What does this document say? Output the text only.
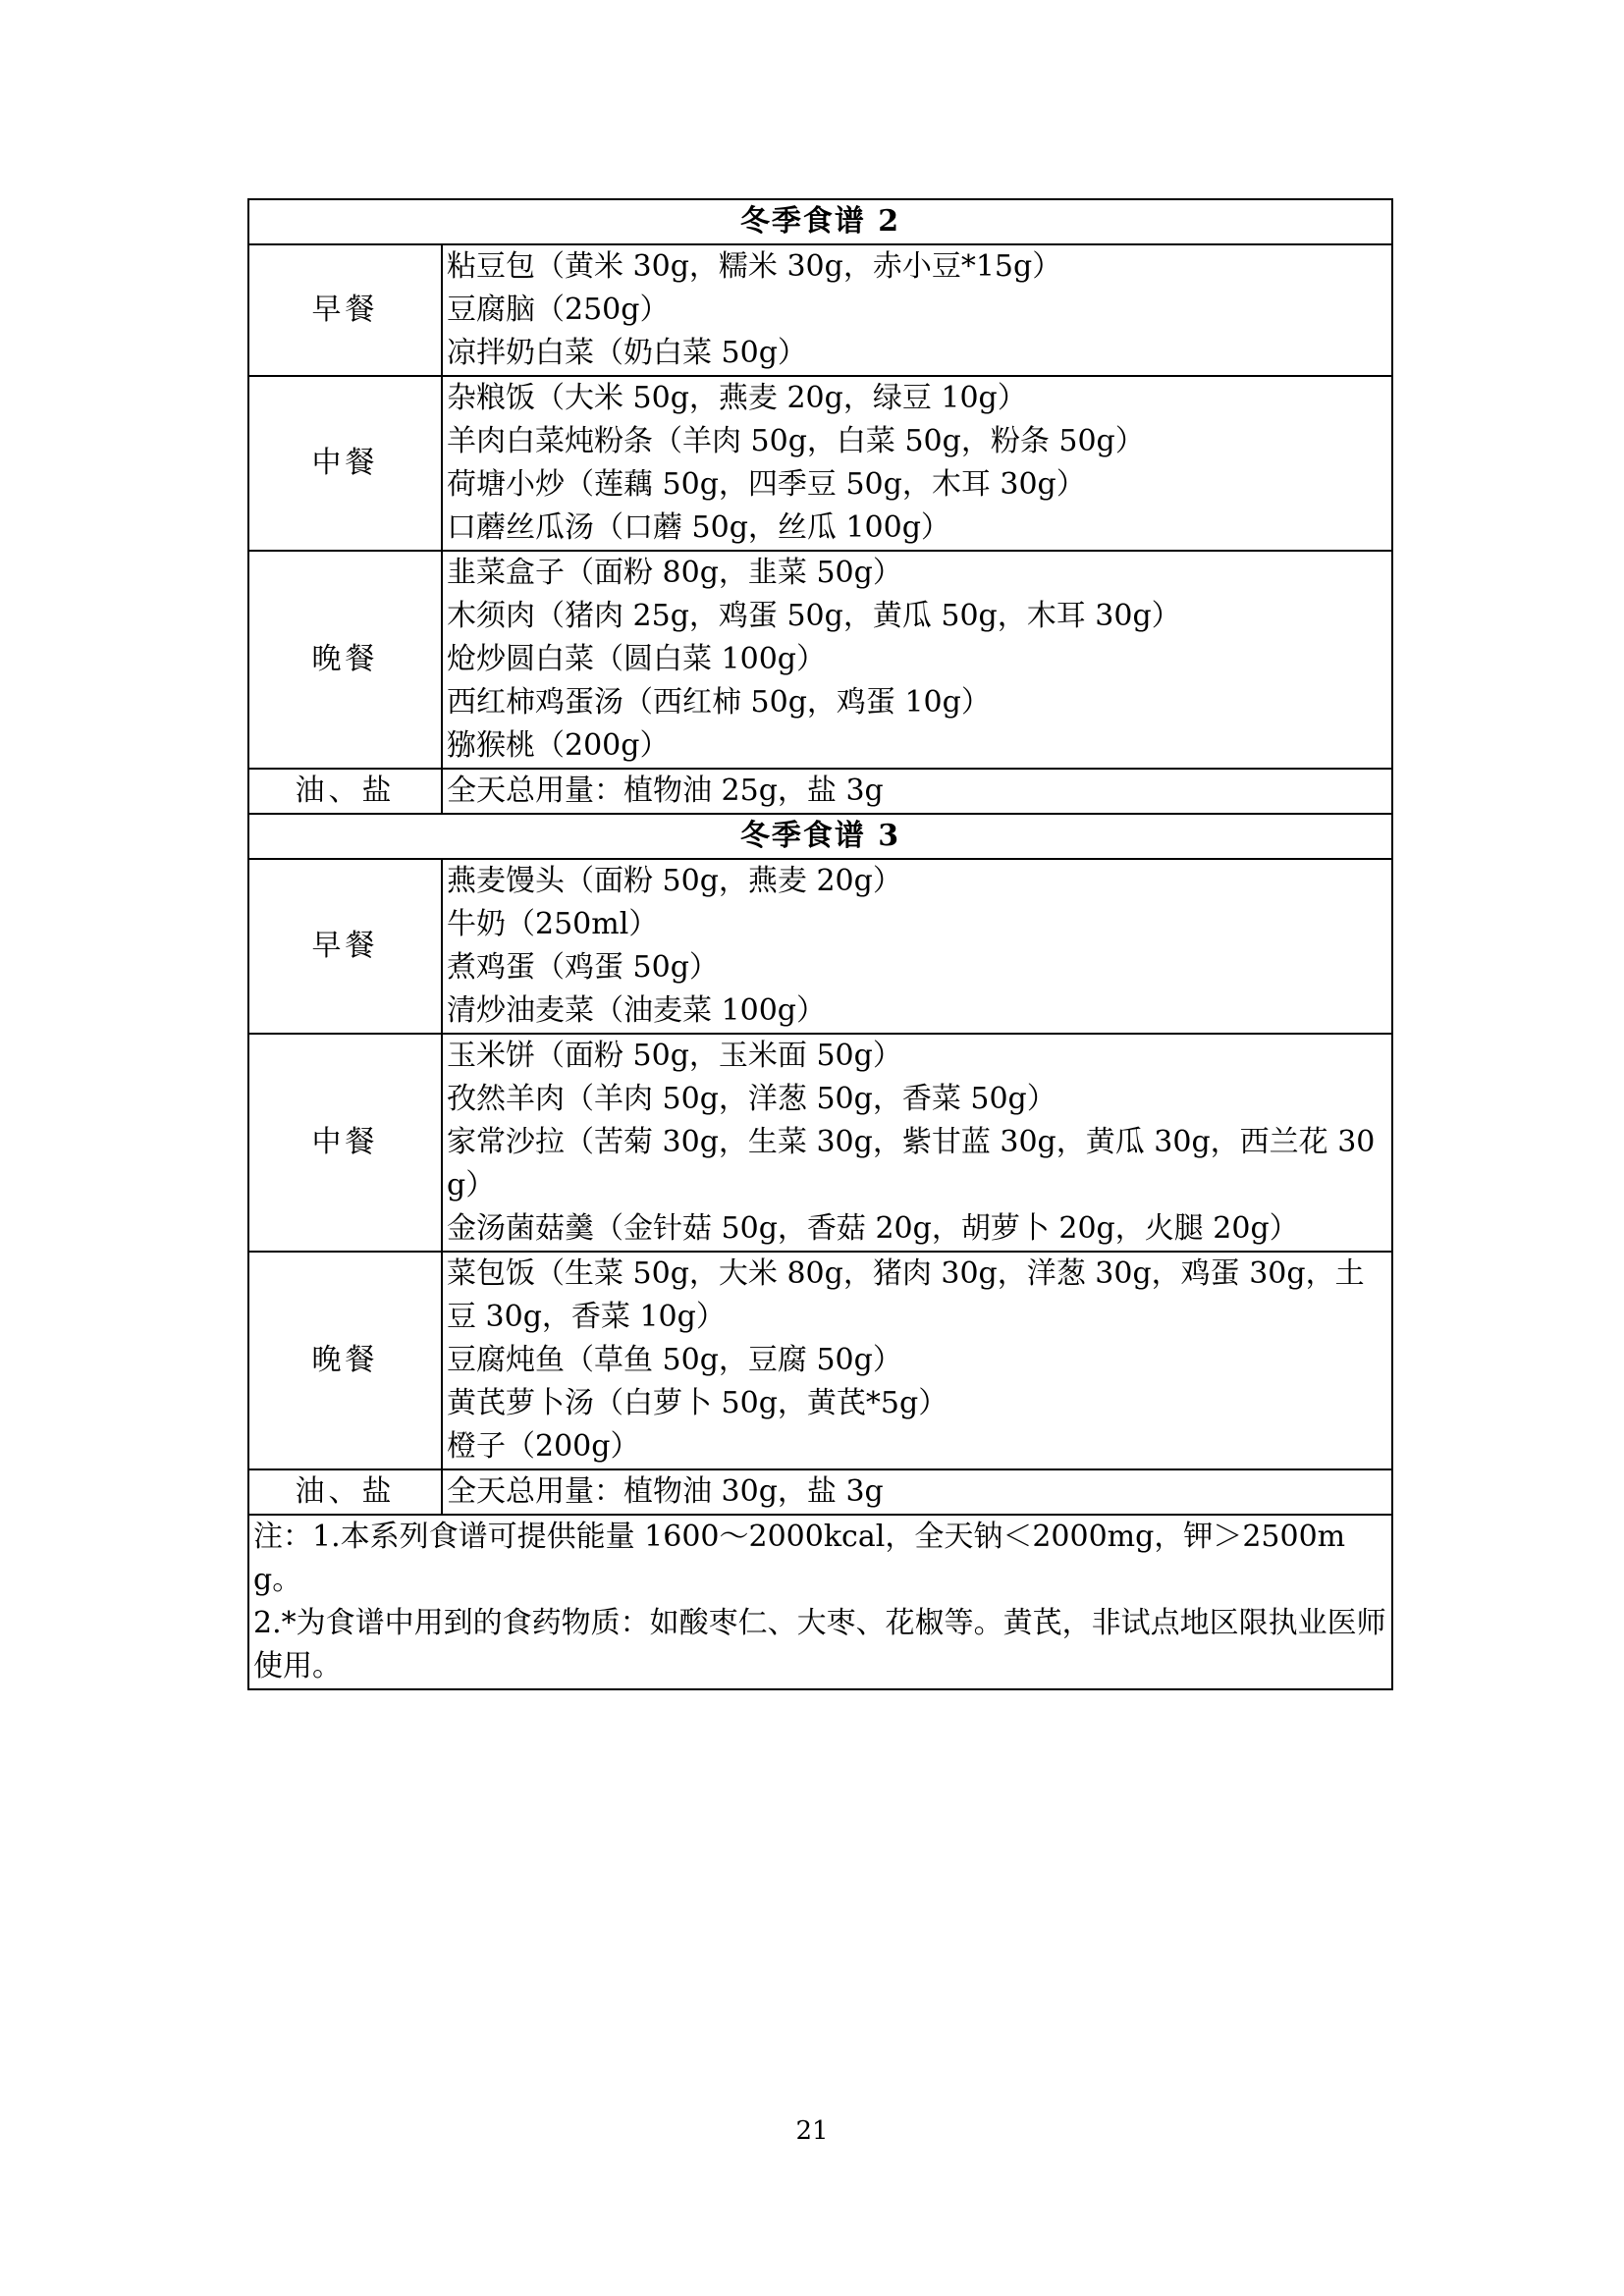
冬季食谱 2	
早餐	粘豆包（黄米 30g，糯米 30g，赤小豆*15g）
豆腐脑（250g）
凉拌奶白菜（奶白菜 50g）

中餐	杂粮饭（大米 50g，燕麦 20g，绿豆 10g）
羊肉白菜炖粉条（羊肉 50g，白菜 50g，粉条 50g）
荷塘小炒（莲藕 50g，四季豆 50g，木耳 30g）
口蘑丝瓜汤（口蘑 50g，丝瓜 100g）

晚餐	韭菜盒子（面粉 80g，韭菜 50g）
木须肉（猪肉 25g，鸡蛋 50g，黄瓜 50g，木耳 30g）
炝炒圆白菜（圆白菜 100g）
西红柿鸡蛋汤（西红柿 50g，鸡蛋 10g）
猕猴桃（200g）

油、盐	全天总用量：植物油 25g，盐 3g

冬季食谱 3	
早餐	燕麦馒头（面粉 50g，燕麦 20g）
牛奶（250ml）
煮鸡蛋（鸡蛋 50g）
清炒油麦菜（油麦菜 100g）

中餐	玉米饼（面粉 50g，玉米面 50g）
孜然羊肉（羊肉 50g，洋葱 50g，香菜 50g）
家常沙拉（苦菊 30g，生菜 30g，紫甘蓝 30g，黄瓜 30g，西兰花 30g）
金汤菌菇羹（金针菇 50g，香菇 20g，胡萝卜 20g，火腿 20g）

晚餐	菜包饭（生菜 50g，大米 80g，猪肉 30g，洋葱 30g，鸡蛋 30g，土豆 30g，香菜 10g）
豆腐炖鱼（草鱼 50g，豆腐 50g）
黄芪萝卜汤（白萝卜 50g，黄芪*5g）
橙子（200g）

油、盐	全天总用量：植物油 30g，盐 3g

注：1.本系列食谱可提供能量 1600～2000kcal，全天钠＜2000mg，钾＞2500mg。
2.*为食谱中用到的食药物质：如酸枣仁、大枣、花椒等。黄芪，非试点地区限执业医师使用。	
21
